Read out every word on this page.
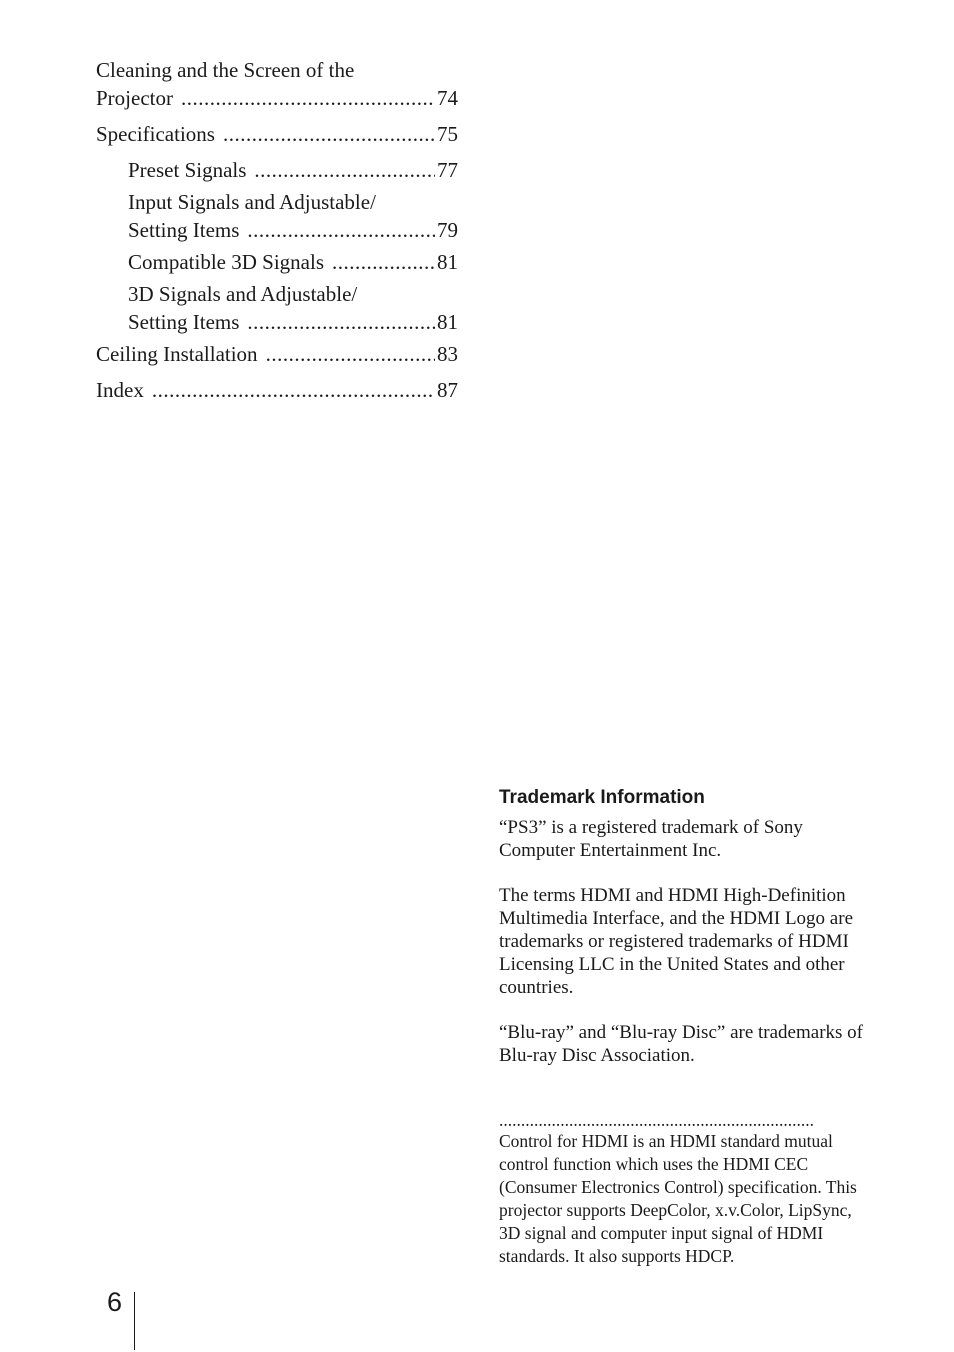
Cleaning and the Screen of the
Projector .....	74
Specifications .....	75
Preset Signals .....	77
Input Signals and Adjustable/
Setting Items .....	79
Compatible 3D Signals .....	81
3D Signals and Adjustable/
Setting Items .....	81
Ceiling Installation .....	83
Index .....	87
Trademark Information

“PS3” is a registered trademark of Sony Computer Entertainment Inc.

The terms HDMI and HDMI High-Definition Multimedia Interface, and the HDMI Logo are trademarks or registered trademarks of HDMI Licensing LLC in the United States and other countries.

“Blu-ray” and “Blu-ray Disc” are trademarks of Blu-ray Disc Association.

........................................................................
Control for HDMI is an HDMI standard mutual control function which uses the HDMI CEC (Consumer Electronics Control) specification. This projector supports DeepColor, x.v.Color, LipSync, 3D signal and computer input signal of HDMI standards. It also supports HDCP.
6
